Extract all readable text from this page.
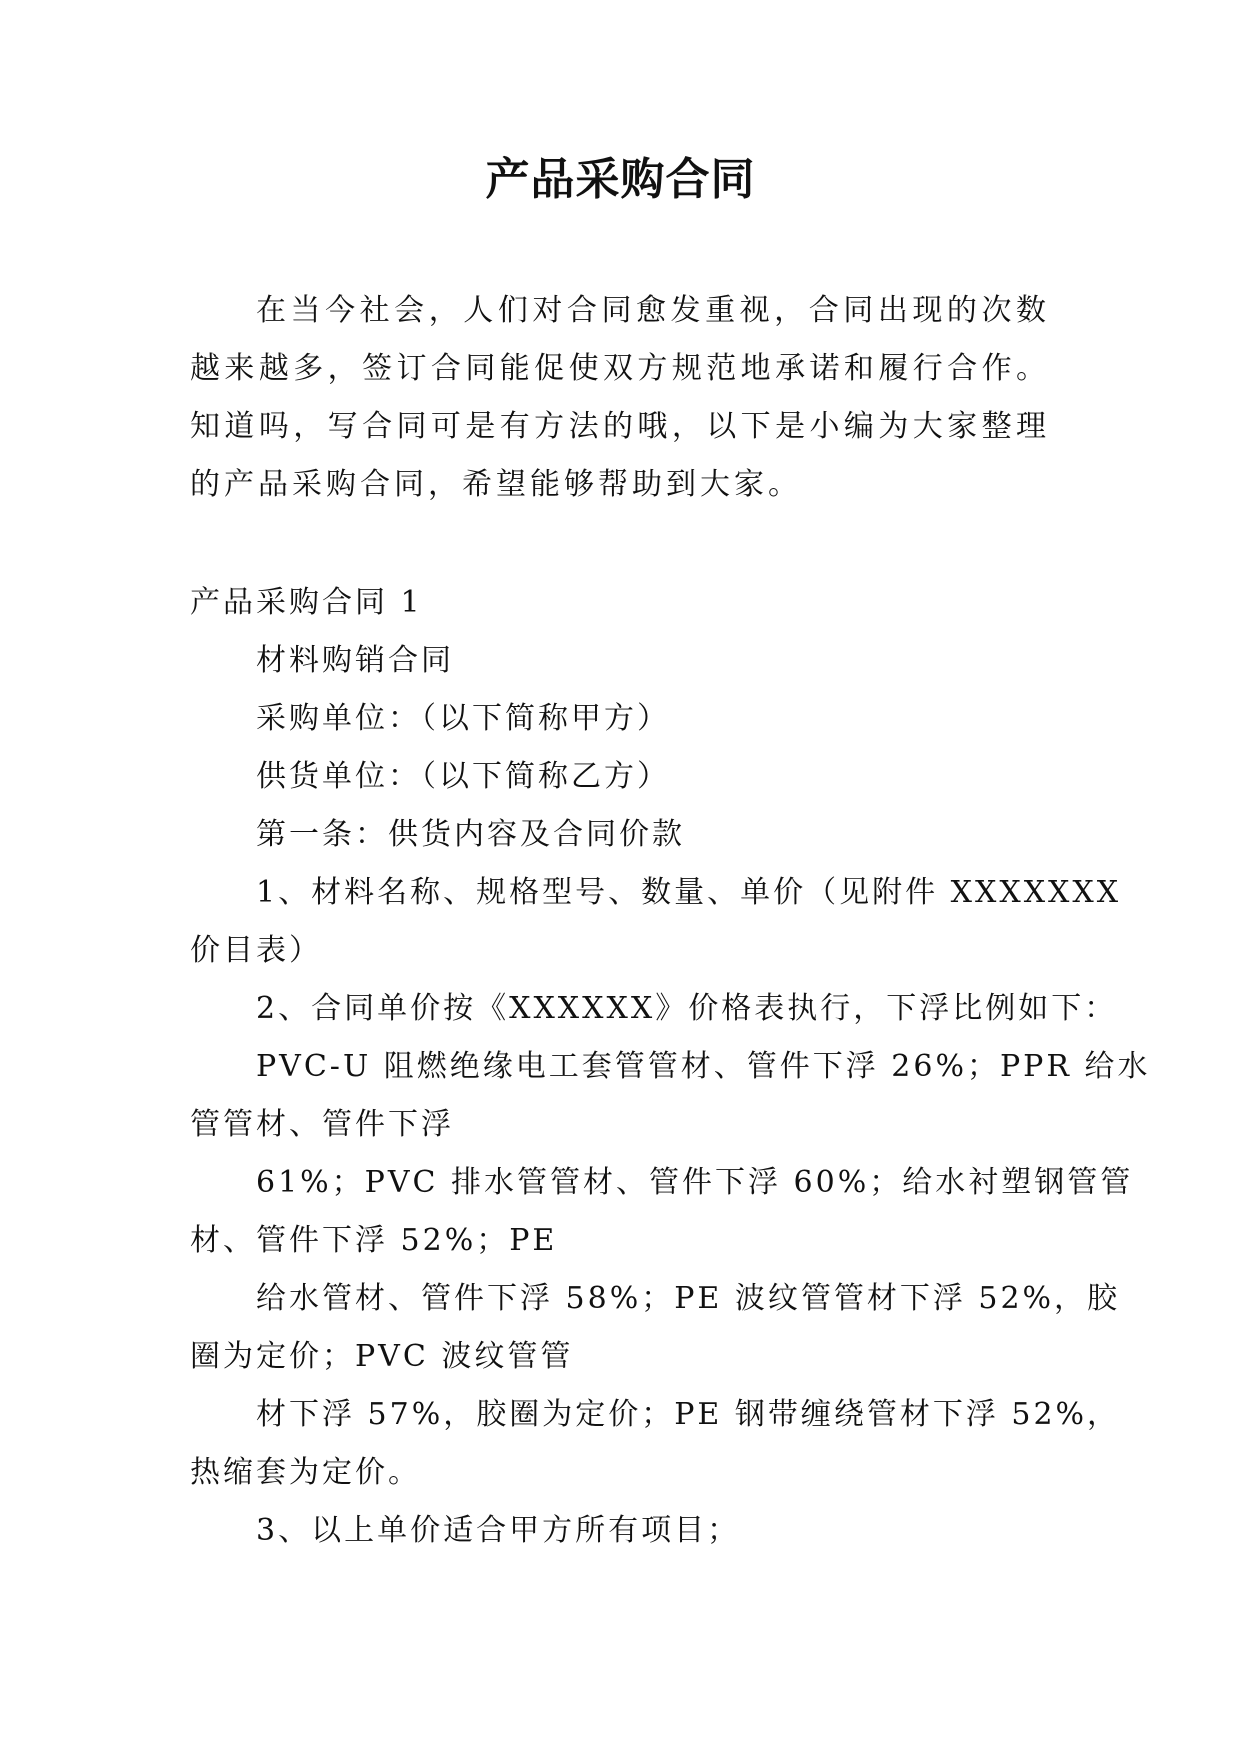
产品采购合同
在当今社会，人们对合同愈发重视，合同出现的次数越来越多，签订合同能促使双方规范地承诺和履行合作。知道吗，写合同可是有方法的哦，以下是小编为大家整理的产品采购合同，希望能够帮助到大家。
产品采购合同 1
材料购销合同
采购单位：（以下简称甲方）
供货单位：（以下简称乙方）
第一条：供货内容及合同价款
1、材料名称、规格型号、数量、单价（见附件 XXXXXXX
价目表）
2、合同单价按《XXXXXX》价格表执行，下浮比例如下：
PVC-U 阻燃绝缘电工套管管材、管件下浮 26%；PPR 给水
管管材、管件下浮
61%；PVC 排水管管材、管件下浮 60%；给水衬塑钢管管
材、管件下浮 52%；PE
给水管材、管件下浮 58%；PE 波纹管管材下浮 52%，胶
圈为定价；PVC 波纹管管
材下浮 57%，胶圈为定价；PE 钢带缠绕管材下浮 52%，
热缩套为定价。
3、以上单价适合甲方所有项目；
